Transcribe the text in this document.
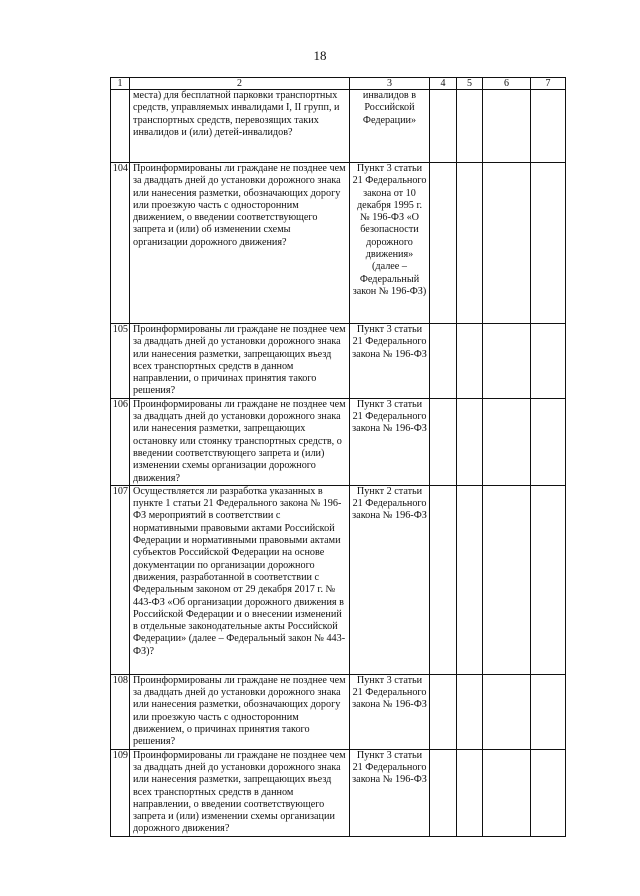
18
1	2	3	4	5	6	7
	места) для бесплатной парковки транспортных средств, управляемых инвалидами I, II групп, и транспортных средств, перевозящих таких инвалидов и (или) детей-инвалидов?	инвалидов в Российской Федерации»				
104	Проинформированы ли граждане не позднее чем за двадцать дней до установки дорожного знака или нанесения разметки, обозначающих дорогу или проезжую часть с односторонним движением, о введении соответствующего запрета и (или) об изменении схемы организации дорожного движения?	Пункт 3 статьи 21 Федерального закона от 10 декабря 1995 г. № 196-ФЗ «О безопасности дорожного движения» (далее – Федеральный закон № 196-ФЗ)				
105	Проинформированы ли граждане не позднее чем за двадцать дней до установки дорожного знака или нанесения разметки, запрещающих въезд всех транспортных средств в данном направлении, о причинах принятия такого решения?	Пункт 3 статьи 21 Федерального закона № 196-ФЗ				
106	Проинформированы ли граждане не позднее чем за двадцать дней до установки дорожного знака или нанесения разметки, запрещающих остановку или стоянку транспортных средств, о введении соответствующего запрета и (или) изменении схемы организации дорожного движения?	Пункт 3 статьи 21 Федерального закона № 196-ФЗ				
107	Осуществляется ли разработка указанных в пункте 1 статьи 21 Федерального закона № 196-ФЗ мероприятий в соответствии с нормативными правовыми актами Российской Федерации и нормативными правовыми актами субъектов Российской Федерации на основе документации по организации дорожного движения, разработанной в соответствии с Федеральным законом от 29 декабря 2017 г. № 443-ФЗ «Об организации дорожного движения в Российской Федерации и о внесении изменений в отдельные законодательные акты Российской Федерации» (далее – Федеральный закон № 443-ФЗ)?	Пункт 2 статьи 21 Федерального закона № 196-ФЗ				
108	Проинформированы ли граждане не позднее чем за двадцать дней до установки дорожного знака или нанесения разметки, обозначающих дорогу или проезжую часть с односторонним движением, о причинах принятия такого решения?	Пункт 3 статьи 21 Федерального закона № 196-ФЗ				
109	Проинформированы ли граждане не позднее чем за двадцать дней до установки дорожного знака или нанесения разметки, запрещающих въезд всех транспортных средств в данном направлении, о введении соответствующего запрета и (или) изменении схемы организации дорожного движения?	Пункт 3 статьи 21 Федерального закона № 196-ФЗ				
